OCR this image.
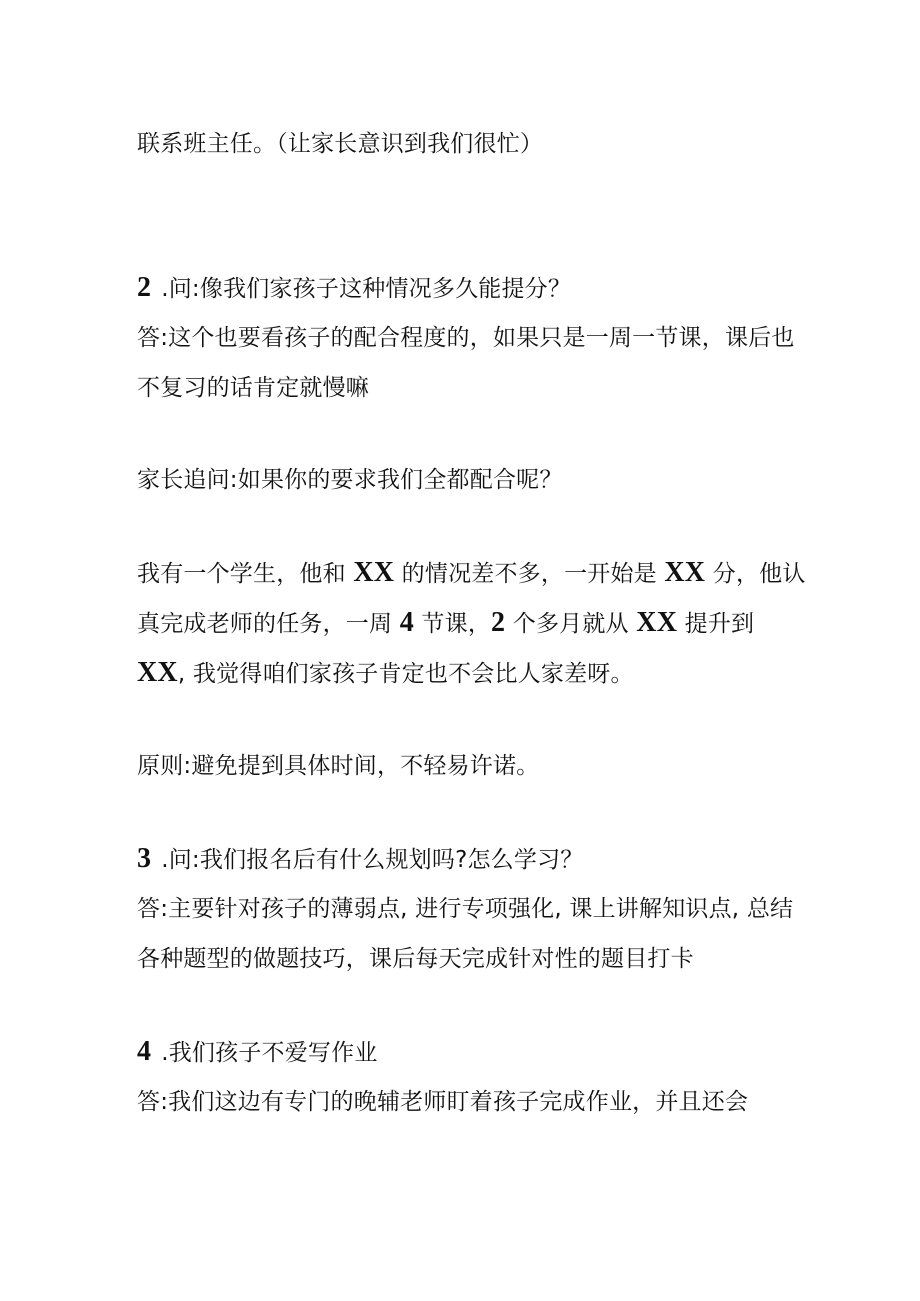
联系班主任。（让家长意识到我们很忙）
2 .问:像我们家孩子这种情况多久能提分？
答:这个也要看孩子的配合程度的，如果只是一周一节课，课后也
不复习的话肯定就慢嘛
家长追问:如果你的要求我们全都配合呢？
我有一个学生，他和 XX 的情况差不多，一开始是 XX 分，他认
真完成老师的任务，一周 4 节课，2 个多月就从 XX 提升到
XX, 我觉得咱们家孩子肯定也不会比人家差呀。
原则:避免提到具体时间，不轻易许诺。
3 .问:我们报名后有什么规划吗?怎么学习？
答:主要针对孩子的薄弱点, 进行专项强化, 课上讲解知识点, 总结
各种题型的做题技巧，课后每天完成针对性的题目打卡
4 .我们孩子不爱写作业
答:我们这边有专门的晚辅老师盯着孩子完成作业，并且还会
